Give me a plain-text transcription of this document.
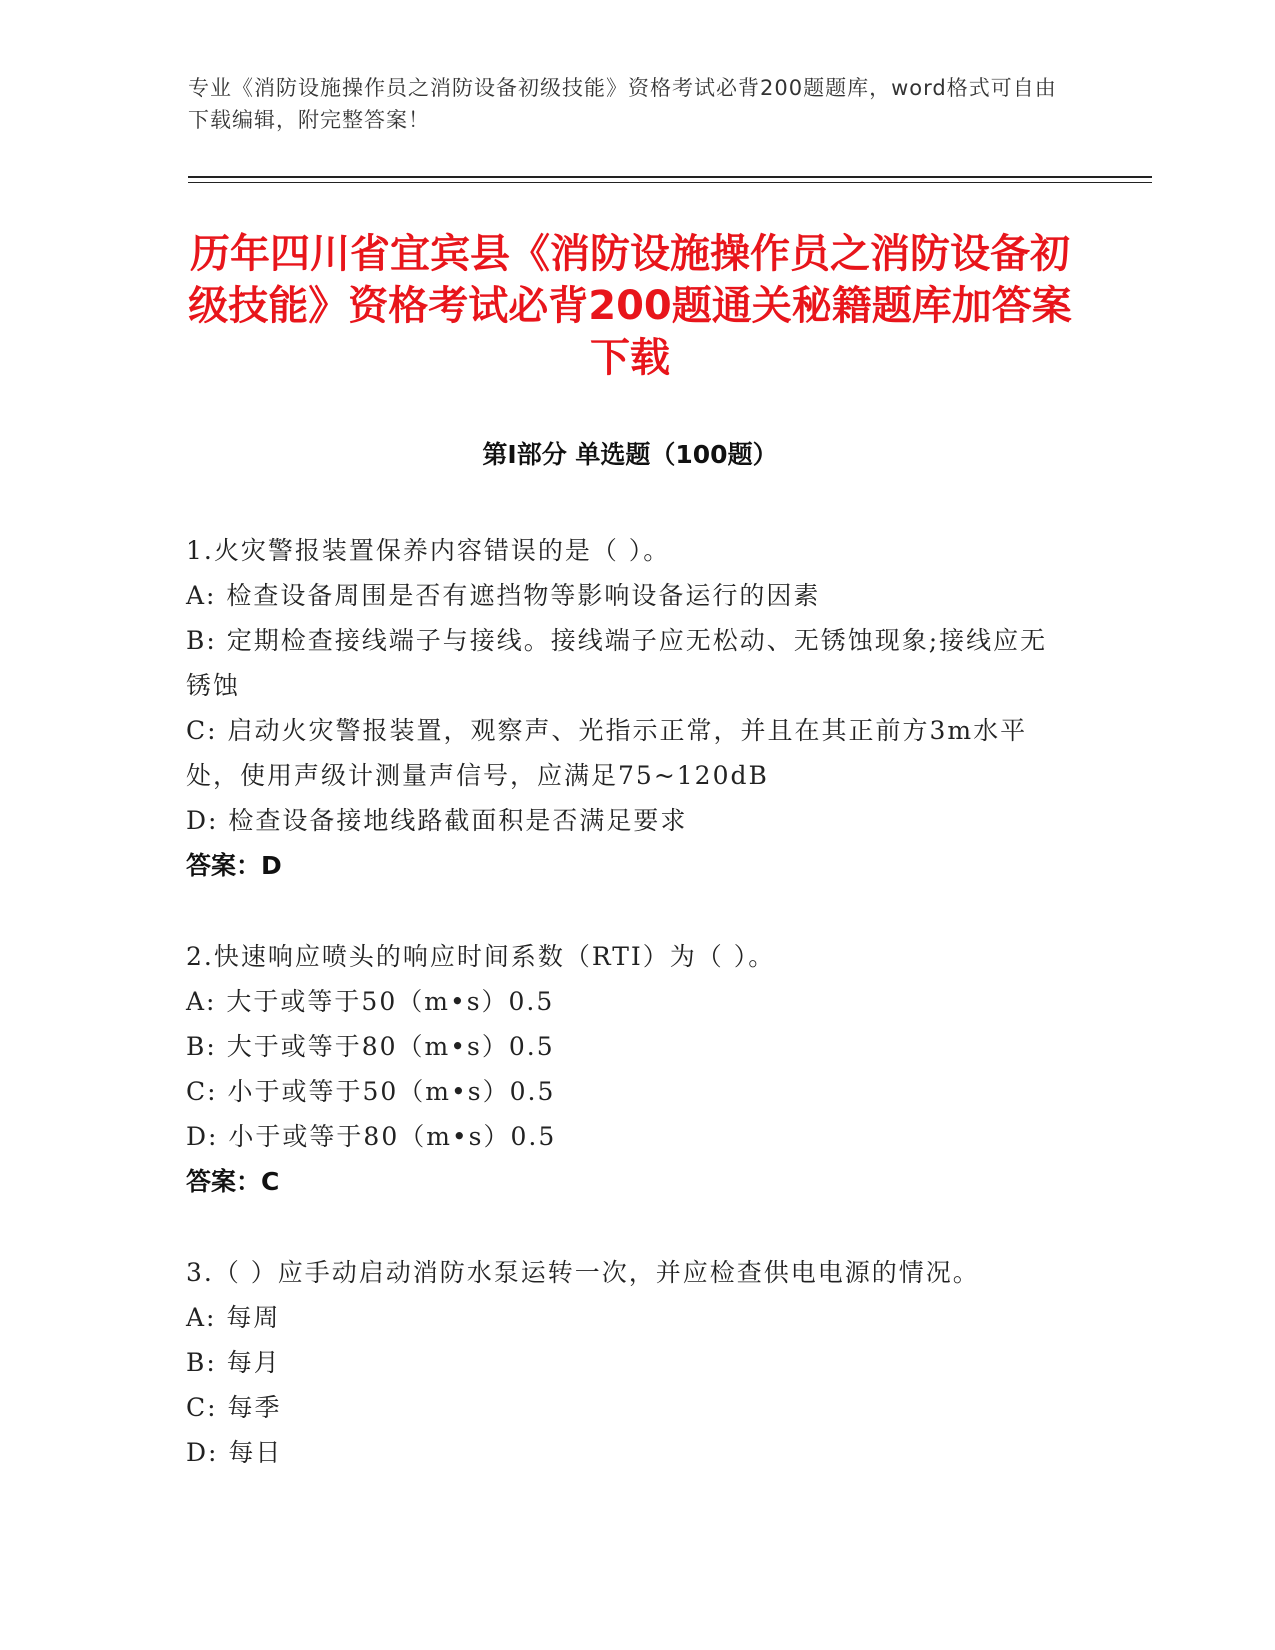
专业《消防设施操作员之消防设备初级技能》资格考试必背200题题库，word格式可自由下载编辑，附完整答案！
历年四川省宜宾县《消防设施操作员之消防设备初级技能》资格考试必背200题通关秘籍题库加答案下载
第I部分 单选题（100题）
1.火灾警报装置保养内容错误的是（ ）。
A: 检查设备周围是否有遮挡物等影响设备运行的因素
B: 定期检查接线端子与接线。接线端子应无松动、无锈蚀现象;接线应无锈蚀
C: 启动火灾警报装置，观察声、光指示正常，并且在其正前方3m水平处，使用声级计测量声信号，应满足75~120dB
D: 检查设备接地线路截面积是否满足要求
答案：D
2.快速响应喷头的响应时间系数（RTI）为（ ）。
A: 大于或等于50（m•s）0.5
B: 大于或等于80（m•s）0.5
C: 小于或等于50（m•s）0.5
D: 小于或等于80（m•s）0.5
答案：C
3.（ ）应手动启动消防水泵运转一次，并应检查供电电源的情况。
A: 每周
B: 每月
C: 每季
D: 每日
